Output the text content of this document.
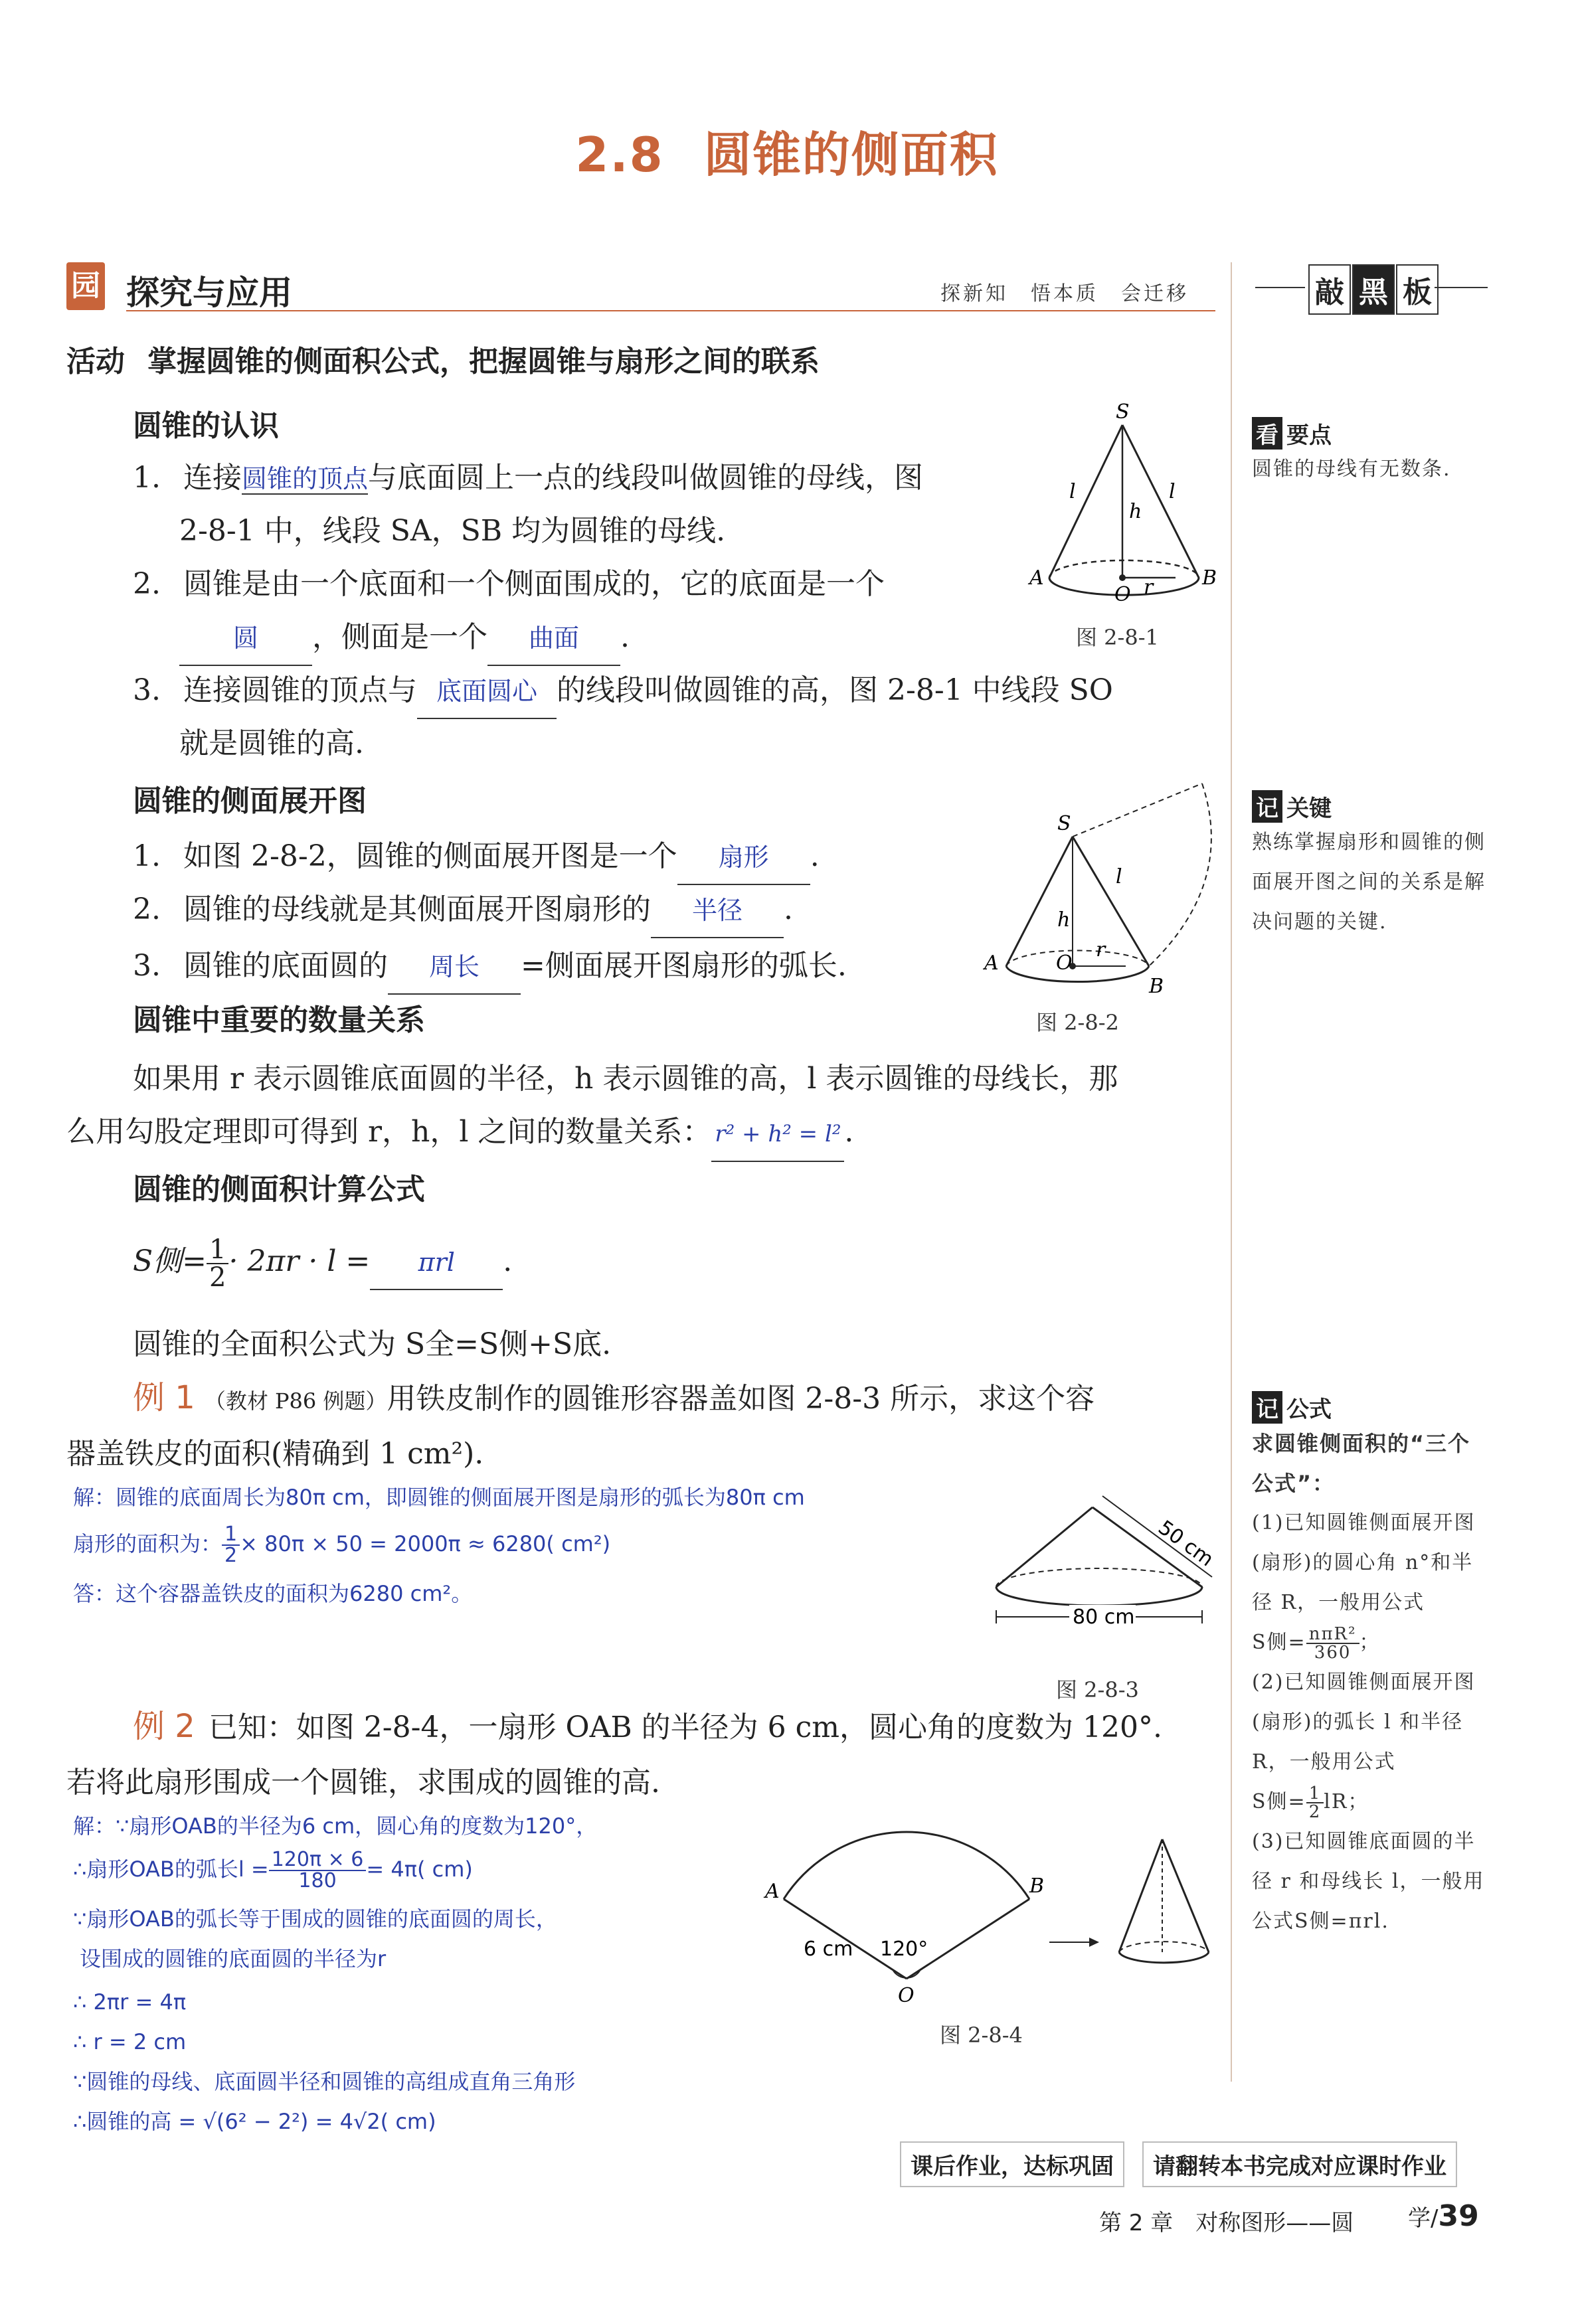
2.8 圆锥的侧面积
园 探究与应用	探新知　悟本质　会迁移	敲 黑 板
看 要点
圆锥的母线有无数条.
记 关键
熟练掌握扇形和圆锥的侧面展开图之间的关系是解决问题的关键.
记 公式
求圆锥侧面积的“三个公式”：
(1)已知圆锥侧面展开图(扇形)的圆心角 n°和半径 R，一般用公式
S侧= $\frac{\text{nπR²}}{360}$ ；
(2)已知圆锥侧面展开图(扇形)的弧长 l 和半径 R，一般用公式
S侧= $\frac{1}{2}$ lR；
(3)已知圆锥底面圆的半径 r 和母线长 l，一般用公式S侧=πrl.
活动 掌握圆锥的侧面积公式，把握圆锥与扇形之间的联系
圆锥的认识
1. 连接圆锥的顶点与底面圆上一点的线段叫做圆锥的母线，图
2-8-1 中，线段 SA，SB 均为圆锥的母线.
2. 圆锥是由一个底面和一个侧面围成的，它的底面是一个
圆 ，侧面是一个 曲面 .
3. 连接圆锥的顶点与 底面圆心 的线段叫做圆锥的高，图 2-8-1 中线段 SO
就是圆锥的高.
S
l	l
h
A	B
O r
图 2-8-1
圆锥的侧面展开图
1. 如图 2-8-2，圆锥的侧面展开图是一个 扇形 .
2. 圆锥的母线就是其侧面展开图扇形的 半径 .
3. 圆锥的底面圆的 周长 =侧面展开图扇形的弧长.
S
l
h
r
A
B
O
图 2-8-2
圆锥中重要的数量关系
如果用 r 表示圆锥底面圆的半径，h 表示圆锥的高，l 表示圆锥的母线长，那
么用勾股定理即可得到 r，h，l 之间的数量关系： r² + h² = l² .
圆锥的侧面积计算公式
S侧= $\frac{1}{2} \cdot 2\pi r \cdot l = \pi rl$ .
圆锥的全面积公式为 S全=S侧+S底.
例 1 （教材 P86 例题）用铁皮制作的圆锥形容器盖如图 2-8-3 所示，求这个容
器盖铁皮的面积(精确到 1 cm²).
解：圆锥的底面周长为80π cm，即圆锥的侧面展开图是扇形的弧长为80π cm
扇形的面积为： $\frac{1}{2} \times 80\pi \times 50 = 2000\pi \approx 6280$( cm²)
答：这个容器盖铁皮的面积为6280 cm²。
50 cm
80 cm
图 2-8-3
例 2 已知：如图 2-8-4，一扇形 OAB 的半径为 6 cm，圆心角的度数为 120°.
若将此扇形围成一个圆锥，求围成的圆锥的高.
解：∵扇形OAB的半径为6 cm，圆心角的度数为120°，
∴扇形OAB的弧长$l = \frac{120\pi \times 6}{180} = 4\pi$( cm)
∵扇形OAB的弧长等于围成的圆锥的底面圆的周长，
设围成的圆锥的底面圆的半径为r
∴ 2πr = 4π
∴ r = 2 cm
∵圆锥的母线、底面圆半径和圆锥的高组成直角三角形
∴圆锥的高 = √(6² − 2²) = 4√2( cm)
A	B
O
6 cm 120°
图 2-8-4
课后作业，达标巩固	请翻转本书完成对应课时作业
第 2 章　对称图形——圆 学/39
